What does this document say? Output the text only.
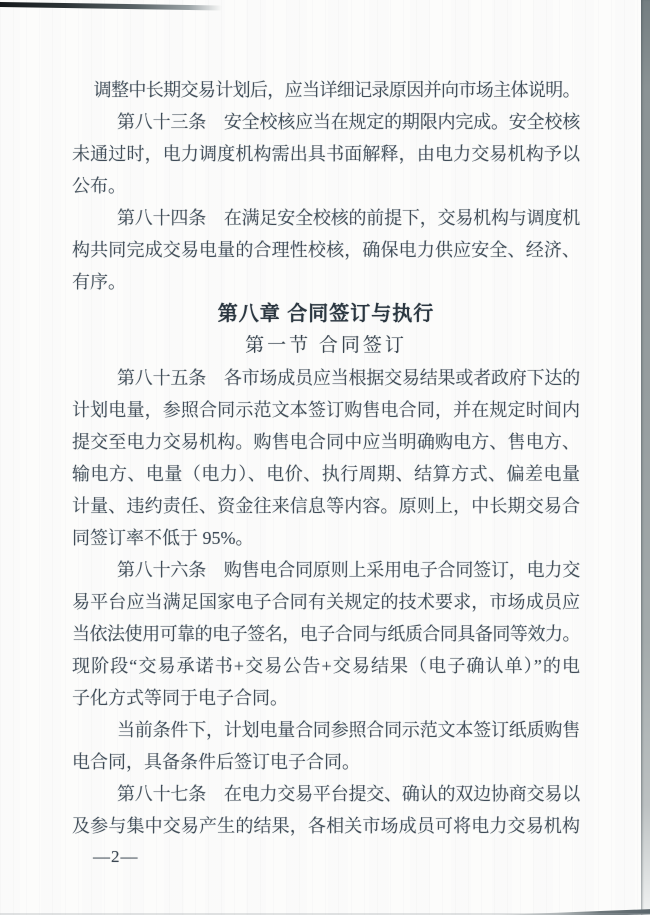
调整中长期交易计划后，应当详细记录原因并向市场主体说明。
第八十三条　安全校核应当在规定的期限内完成。安全校核
未通过时，电力调度机构需出具书面解释，由电力交易机构予以
公布。
第八十四条　在满足安全校核的前提下，交易机构与调度机
构共同完成交易电量的合理性校核，确保电力供应安全、经济、
有序。
第八章 合同签订与执行
第一节 合同签订
第八十五条　各市场成员应当根据交易结果或者政府下达的
计划电量，参照合同示范文本签订购售电合同，并在规定时间内
提交至电力交易机构。购售电合同中应当明确购电方、售电方、
输电方、电量（电力）、电价、执行周期、结算方式、偏差电量
计量、违约责任、资金往来信息等内容。原则上，中长期交易合
同签订率不低于 95%。
第八十六条　购售电合同原则上采用电子合同签订，电力交
易平台应当满足国家电子合同有关规定的技术要求，市场成员应
当依法使用可靠的电子签名，电子合同与纸质合同具备同等效力。
现阶段“交易承诺书+交易公告+交易结果（电子确认单）”的电
子化方式等同于电子合同。
当前条件下，计划电量合同参照合同示范文本签订纸质购售
电合同，具备条件后签订电子合同。
第八十七条　在电力交易平台提交、确认的双边协商交易以
及参与集中交易产生的结果，各相关市场成员可将电力交易机构
—2—
